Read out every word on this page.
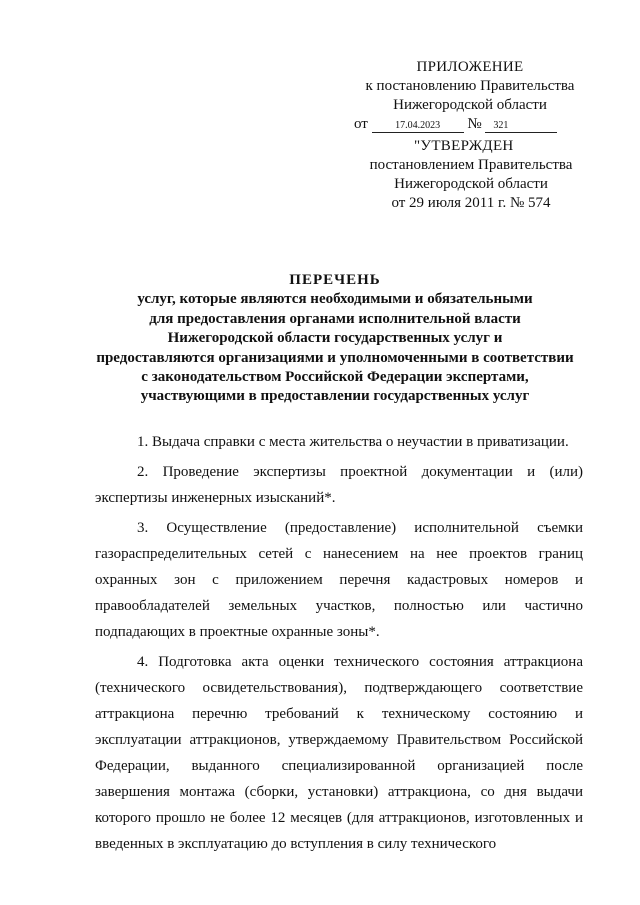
ПРИЛОЖЕНИЕ
к постановлению Правительства
Нижегородской области
от	17.04.2023 № 321
"УТВЕРЖДЕН
постановлением Правительства
Нижегородской области
от 29 июля 2011 г. № 574
ПЕРЕЧЕНЬ
услуг, которые являются необходимыми и обязательными
для предоставления органами исполнительной власти
Нижегородской области государственных услуг и
предоставляются организациями и уполномоченными в соответствии
с законодательством Российской Федерации экспертами,
участвующими в предоставлении государственных услуг

1. Выдача справки с места жительства о неучастии в приватизации.

2. Проведение экспертизы проектной документации и (или) экспертизы инженерных изысканий*.

3. Осуществление (предоставление) исполнительной съемки газораспределительных сетей с нанесением на нее проектов границ охранных зон с приложением перечня кадастровых номеров и правообладателей земельных участков, полностью или частично подпадающих в проектные охранные зоны*.

4. Подготовка акта оценки технического состояния аттракциона (технического освидетельствования), подтверждающего соответствие аттракциона перечню требований к техническому состоянию и эксплуатации аттракционов, утверждаемому Правительством Российской Федерации, выданного специализированной организацией после завершения монтажа (сборки, установки) аттракциона, со дня выдачи которого прошло не более 12 месяцев (для аттракционов, изготовленных и введенных в эксплуатацию до вступления в силу технического
